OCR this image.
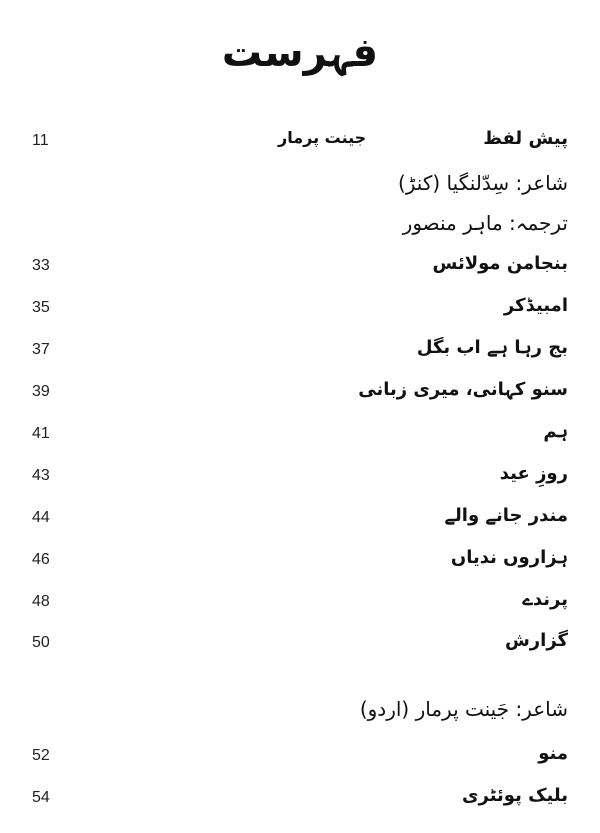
فہرست
11	جینت پرمار	پیش لفظ
شاعر: سِدّلنگیا (کنڑ)
ترجمہ: ماہر منصور
33	بنجامن مولائس
35	امبیڈکر
37	بج رہا ہے اب بگل
39	سنو کہانی، میری زبانی
41	ہم
43	روزِ عید
44	مندر جانے والے
46	ہزاروں ندیاں
48	پرندے
50	گزارش
شاعر: جَینت پرمار (اردو)
52	منو
54	بلیک پوئٹری
